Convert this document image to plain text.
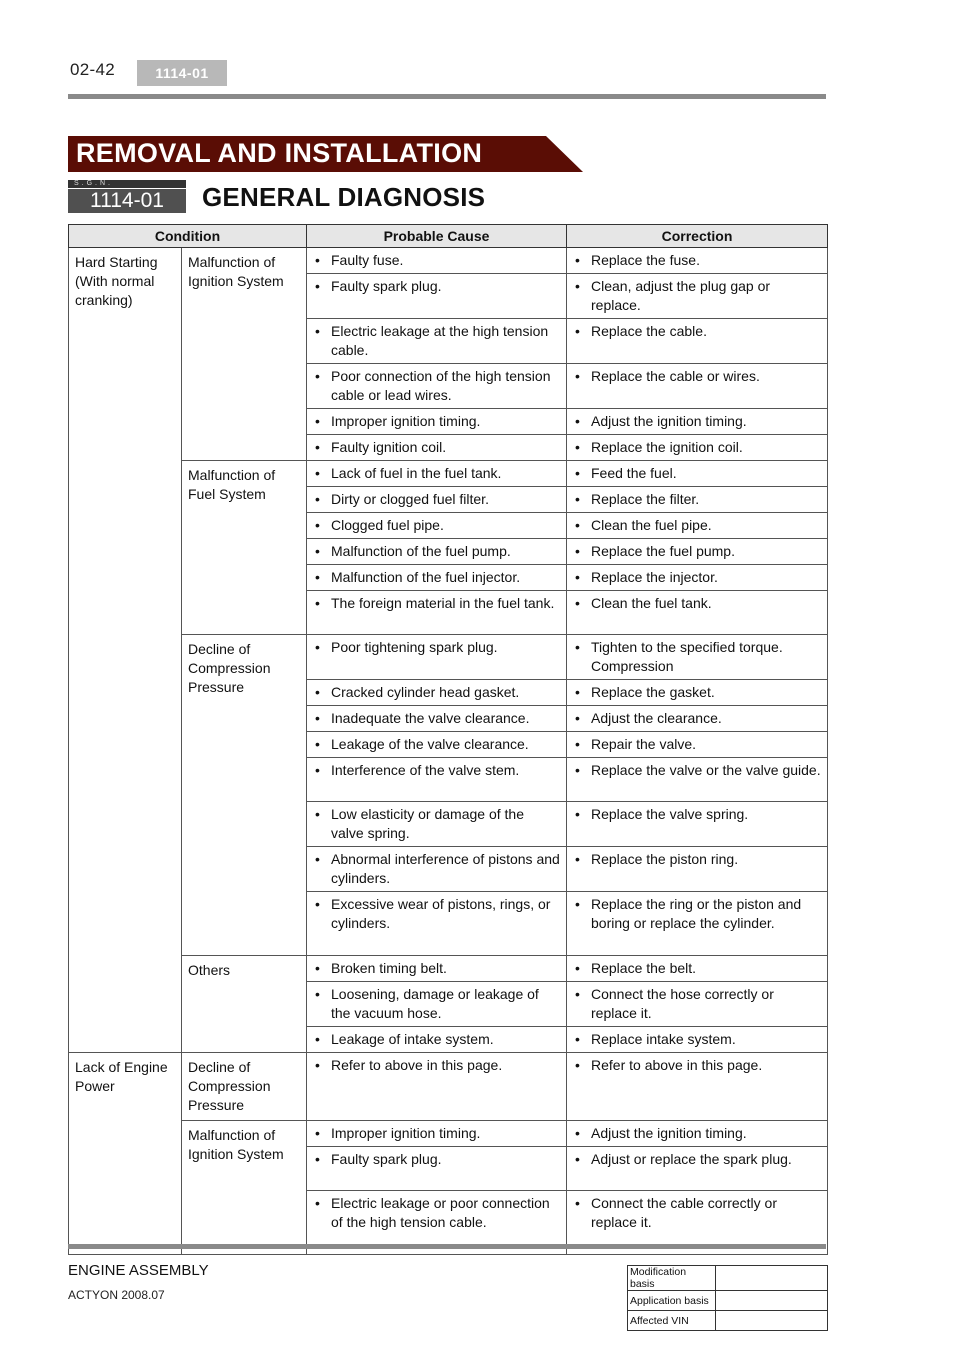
02-42	1114-01
REMOVAL AND INSTALLATION
S.G.N.
1114-01	GENERAL DIAGNOSIS
Condition		Probable Cause	Correction
Hard Starting (With normal cranking)	Malfunction of Ignition System	• Faulty fuse.	• Replace the fuse.

		• Faulty spark plug.	• Clean, adjust the plug gap or replace.

		• Electric leakage at the high tension cable.	• Replace the cable.

		• Poor connection of the high tension cable or lead wires.	• Replace the cable or wires.

		• Improper ignition timing.	• Adjust the ignition timing.

		• Faulty ignition coil.	• Replace the ignition coil.

	Malfunction of Fuel System	• Lack of fuel in the fuel tank.	• Feed the fuel.

		• Dirty or clogged fuel filter.	• Replace the filter.

		• Clogged fuel pipe.	• Clean the fuel pipe.

		• Malfunction of the fuel pump.	• Replace the fuel pump.

		• Malfunction of the fuel injector.	• Replace the injector.

		• The foreign material in the fuel tank.	• Clean the fuel tank.

	Decline of Compression Pressure	• Poor tightening spark plug.	• Tighten to the specified torque. Compression

		• Cracked cylinder head gasket.	• Replace the gasket.

		• Inadequate the valve clearance.	• Adjust the clearance.

		• Leakage of the valve clearance.	• Repair the valve.

		• Interference of the valve stem.	• Replace the valve or the valve guide.

		• Low elasticity or damage of the valve spring.	• Replace the valve spring.

		• Abnormal interference of pistons and cylinders.	• Replace the piston ring.

		• Excessive wear of pistons, rings, or cylinders.	• Replace the ring or the piston and boring or replace the cylinder.

	Others	• Broken timing belt.	• Replace the belt.

		• Loosening, damage or leakage of the vacuum hose.	• Connect the hose correctly or replace it.

		• Leakage of intake system.	• Replace intake system.

Lack of Engine Power	Decline of Compression Pressure	• Refer to above in this page.	• Refer to above in this page.

	Malfunction of Ignition System	• Improper ignition timing.	• Adjust the ignition timing.

		• Faulty spark plug.	• Adjust or replace the spark plug.

		• Electric leakage or poor connection of the high tension cable.	• Connect the cable correctly or replace it.
ENGINE ASSEMBLY
ACTYON 2008.07
Modification basis	
Application basis	
Affected VIN	
